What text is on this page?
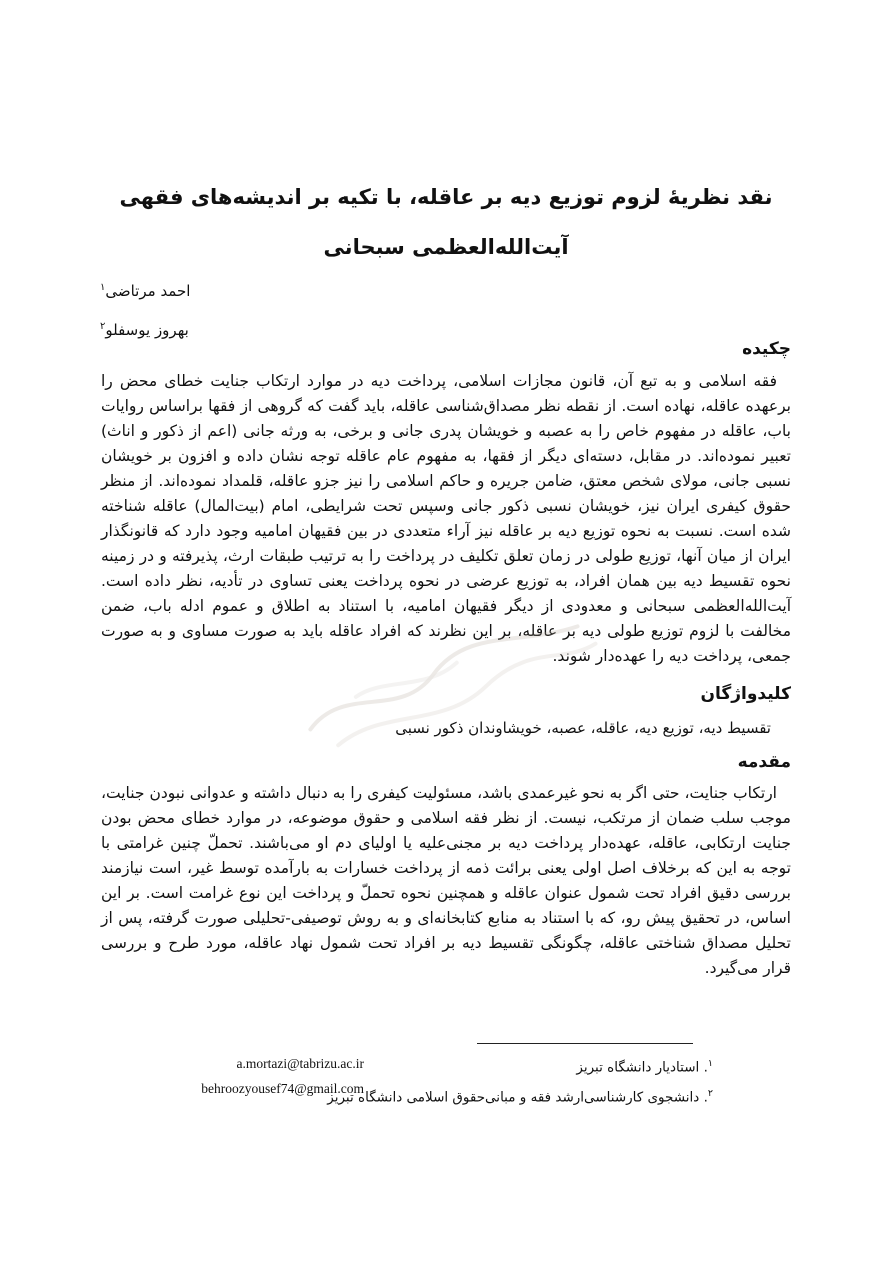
نقد نظریهٔ لزوم توزیع دیه بر عاقله، با تکیه بر اندیشه‌های فقهی
آیت‌الله‌العظمی سبحانی
احمد مرتاضی$^۱$
بهروز یوسفلو$^۲$
چکیده
فقه اسلامی و به تبع آن، قانون مجازات اسلامی، پرداخت دیه در موارد ارتکاب جنایت خطای محض را برعهده عاقله، نهاده است. از نقطه نظر مصداق‌شناسی عاقله، باید گفت که گروهی از فقها براساس روایات باب، عاقله در مفهوم خاص را به عصبه و خویشان پدری جانی و برخی، به ورثه جانی (اعم از ذکور و اناث) تعبیر نموده‌اند. در مقابل، دسته‌ای دیگر از فقها، به مفهوم عام عاقله توجه نشان داده و افزون بر خویشان نسبی جانی، مولای شخص معتق، ضامن جریره و حاکم اسلامی را نیز جزو عاقله، قلمداد نموده‌اند. از منظر حقوق کیفری ایران نیز، خویشان نسبی ذکور جانی وسپس تحت شرایطی، امام (بیت‌المال) عاقله شناخته شده است. نسبت به نحوه توزیع دیه بر عاقله نیز آراء متعددی در بین فقیهان امامیه وجود دارد که قانونگذار ایران از میان آنها، توزیع طولی در زمان تعلق تکلیف در پرداخت را به ترتیب طبقات ارث، پذیرفته و در زمینه نحوه تقسیط دیه بین همان افراد، به توزیع عرضی در نحوه پرداخت یعنی تساوی در تأدیه، نظر داده است. آیت‌الله‌العظمی سبحانی و معدودی از دیگر فقیهان امامیه، با استناد به اطلاق و عموم ادله باب، ضمن مخالفت با لزوم توزیع طولی دیه بر عاقله، بر این نظرند که افراد عاقله باید به صورت مساوی و به صورت جمعی، پرداخت دیه را عهده‌دار شوند.
کلیدواژگان
تقسیط دیه، توزیع دیه، عاقله، عصبه، خویشاوندان ذکور نسبی
مقدمه
ارتکاب جنایت، حتی اگر به نحو غیرعمدی باشد، مسئولیت کیفری را به دنبال داشته و عدوانی نبودن جنایت، موجب سلب ضمان از مرتکب، نیست. از نظر فقه اسلامی و حقوق موضوعه، در موارد خطای محض بودن جنایت ارتکابی، عاقله، عهده‌دار پرداخت دیه بر مجنی‌علیه یا اولیای دم او می‌باشند. تحملّ چنین غرامتی با توجه به این که برخلاف اصل اولی یعنی برائت ذمه از پرداخت خسارات به بارآمده توسط غیر، است نیازمند بررسی دقیق افراد تحت شمول عنوان عاقله و همچنین نحوه تحملّ و پرداخت این نوع غرامت است. بر این اساس، در تحقیق پیش رو، که با استناد به منابع کتابخانه‌ای و به روش توصیفی-تحلیلی صورت گرفته، پس از تحلیل مصداق شناختی عاقله، چگونگی تقسیط دیه بر افراد تحت شمول نهاد عاقله، مورد طرح و بررسی قرار می‌گیرد.
$^۱$. استادیار دانشگاه تبریز
$^۲$. دانشجوی کارشناسی‌ارشد فقه و مبانی‌حقوق اسلامی دانشگاه تبریز
a.mortazi@tabrizu.ac.ir
behroozyousef74@gmail.com
